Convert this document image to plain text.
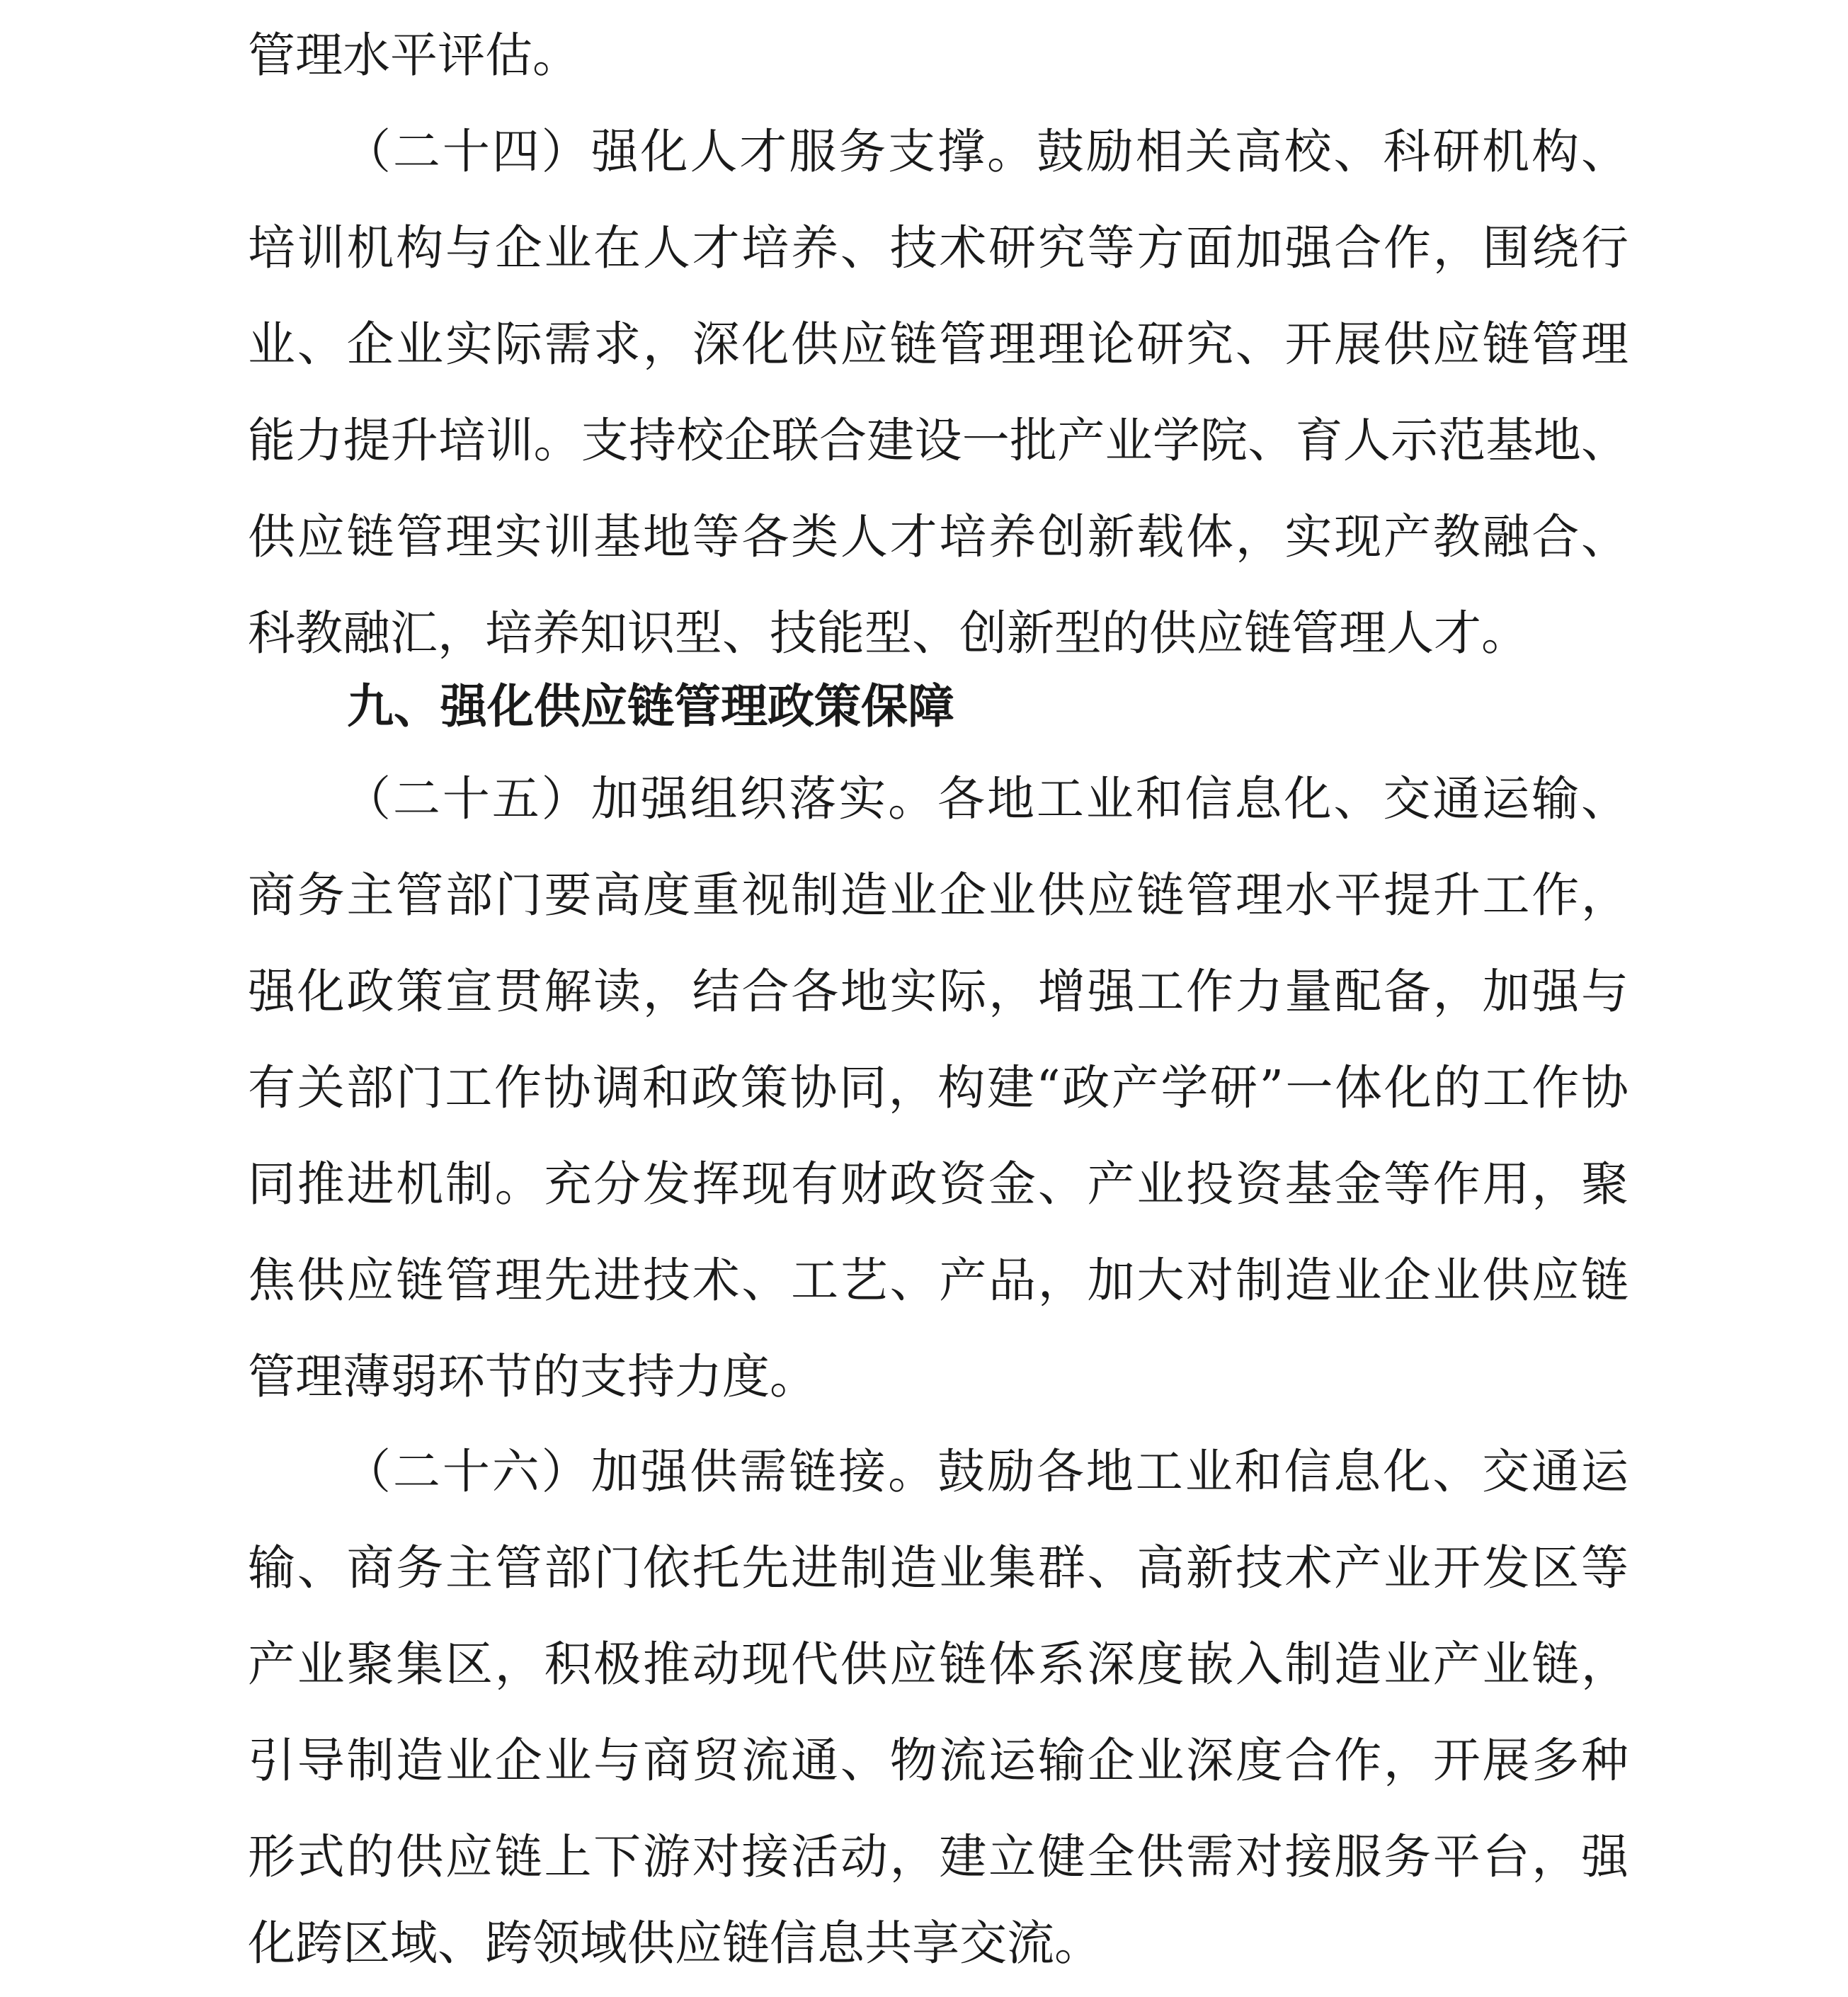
管理水平评估。
（二十四）强化人才服务支撑。鼓励相关高校、科研机构、
培训机构与企业在人才培养、技术研究等方面加强合作，围绕行
业、企业实际需求，深化供应链管理理论研究、开展供应链管理
能力提升培训。支持校企联合建设一批产业学院、育人示范基地、
供应链管理实训基地等各类人才培养创新载体，实现产教融合、
科教融汇，培养知识型、技能型、创新型的供应链管理人才。
九、强化供应链管理政策保障
（二十五）加强组织落实。各地工业和信息化、交通运输、
商务主管部门要高度重视制造业企业供应链管理水平提升工作，
强化政策宣贯解读，结合各地实际，增强工作力量配备，加强与
有关部门工作协调和政策协同，构建“政产学研”一体化的工作协
同推进机制。充分发挥现有财政资金、产业投资基金等作用，聚
焦供应链管理先进技术、工艺、产品，加大对制造业企业供应链
管理薄弱环节的支持力度。
（二十六）加强供需链接。鼓励各地工业和信息化、交通运
输、商务主管部门依托先进制造业集群、高新技术产业开发区等
产业聚集区，积极推动现代供应链体系深度嵌入制造业产业链，
引导制造业企业与商贸流通、物流运输企业深度合作，开展多种
形式的供应链上下游对接活动，建立健全供需对接服务平台，强
化跨区域、跨领域供应链信息共享交流。
